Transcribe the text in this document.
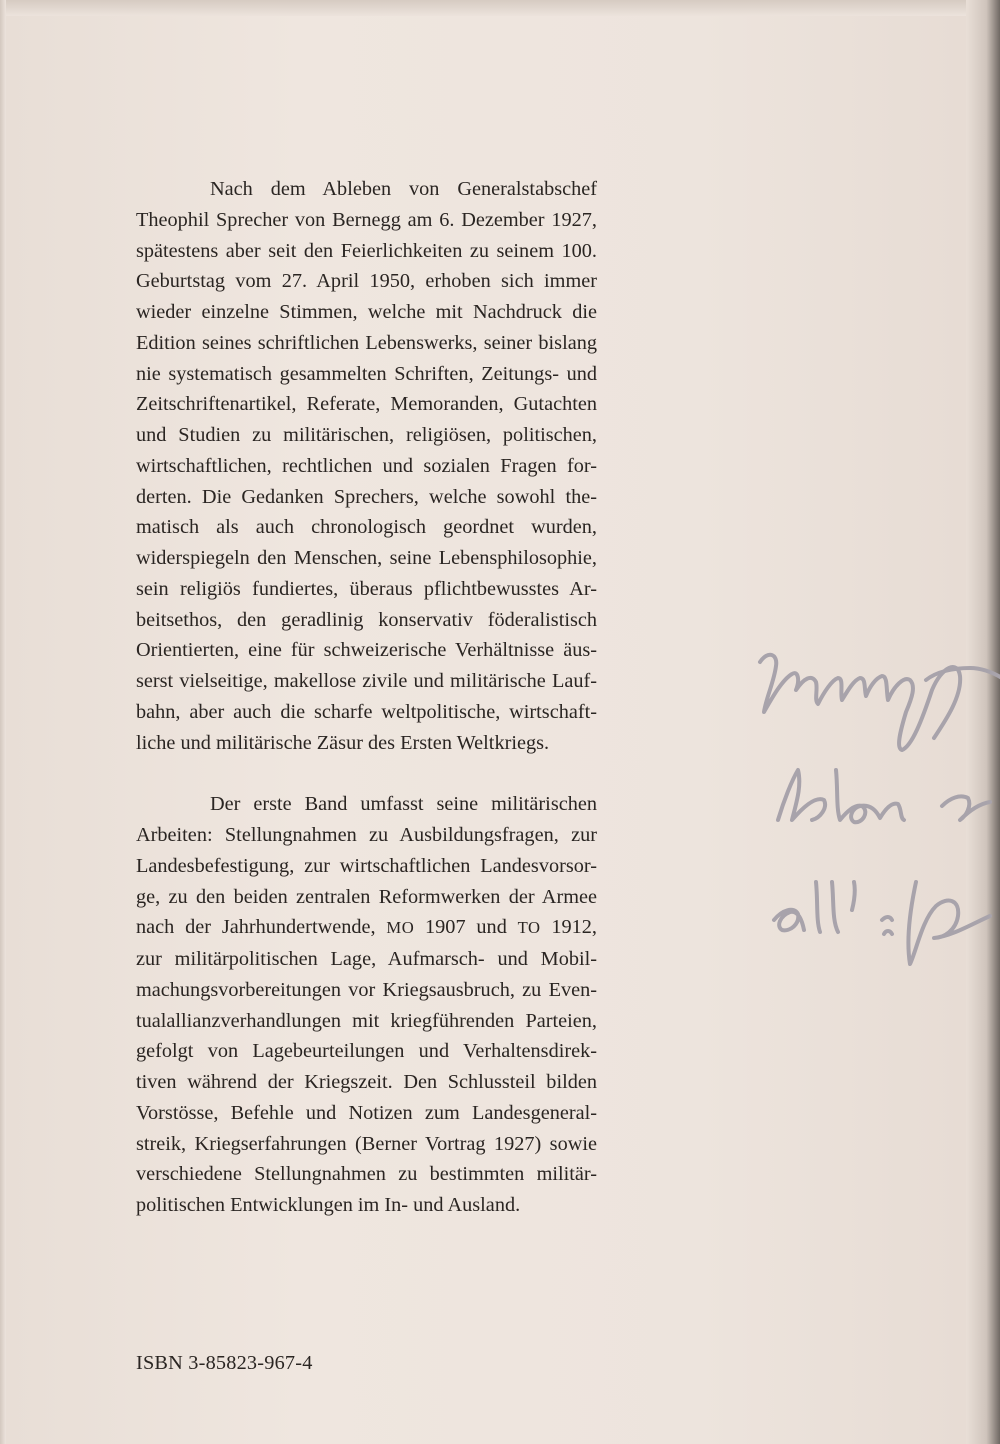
Nach dem Ableben von Generalstabschef
Theophil Sprecher von Bernegg am 6. Dezember 1927,
spätestens aber seit den Feierlichkeiten zu seinem 100.
Geburtstag vom 27. April 1950, erhoben sich immer
wieder einzelne Stimmen, welche mit Nachdruck die
Edition seines schriftlichen Lebenswerks, seiner bislang
nie systematisch gesammelten Schriften, Zeitungs- und
Zeitschriftenartikel, Referate, Memoranden, Gutachten
und Studien zu militärischen, religiösen, politischen,
wirtschaftlichen, rechtlichen und sozialen Fragen for-
derten. Die Gedanken Sprechers, welche sowohl the-
matisch als auch chronologisch geordnet wurden,
widerspiegeln den Menschen, seine Lebensphilosophie,
sein religiös fundiertes, überaus pflichtbewusstes Ar-
beitsethos, den geradlinig konservativ föderalistisch
Orientierten, eine für schweizerische Verhältnisse äus-
serst vielseitige, makellose zivile und militärische Lauf-
bahn, aber auch die scharfe weltpolitische, wirtschaft-
liche und militärische Zäsur des Ersten Weltkriegs.

Der erste Band umfasst seine militärischen
Arbeiten: Stellungnahmen zu Ausbildungsfragen, zur
Landesbefestigung, zur wirtschaftlichen Landesvorsor-
ge, zu den beiden zentralen Reformwerken der Armee
nach der Jahrhundertwende, MO 1907 und TO 1912,
zur militärpolitischen Lage, Aufmarsch- und Mobil-
machungsvorbereitungen vor Kriegsausbruch, zu Even-
tualallianzverhandlungen mit kriegführenden Parteien,
gefolgt von Lagebeurteilungen und Verhaltensdirek-
tiven während der Kriegszeit. Den Schlussteil bilden
Vorstösse, Befehle und Notizen zum Landesgeneral-
streik, Kriegserfahrungen (Berner Vortrag 1927) sowie
verschiedene Stellungnahmen zu bestimmten militär-
politischen Entwicklungen im In- und Ausland.

ISBN 3-85823-967-4
